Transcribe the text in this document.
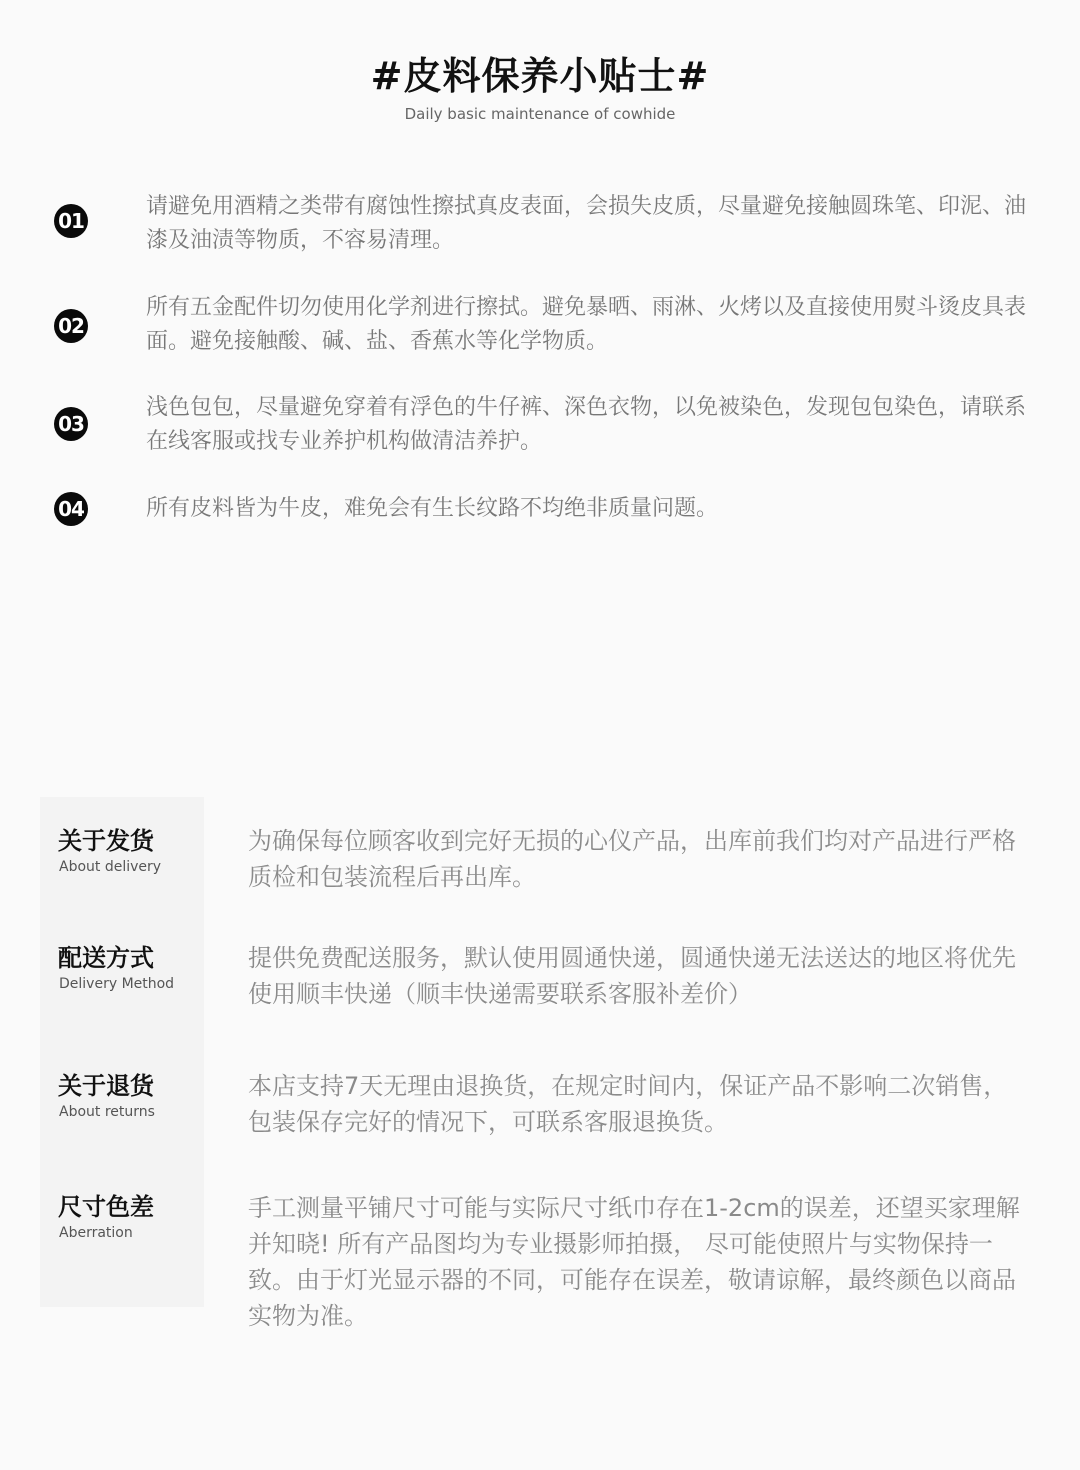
#皮料保养小贴士#
Daily basic maintenance of cowhide
01
请避免用酒精之类带有腐蚀性擦拭真皮表面，会损失皮质，尽量避免接触圆珠笔、印泥、油漆及油渍等物质，不容易清理。
02
所有五金配件切勿使用化学剂进行擦拭。避免暴晒、雨淋、火烤以及直接使用熨斗烫皮具表面。避免接触酸、碱、盐、香蕉水等化学物质。
03
浅色包包，尽量避免穿着有浮色的牛仔裤、深色衣物，以免被染色，发现包包染色，请联系在线客服或找专业养护机构做清洁养护。
04	所有皮料皆为牛皮，难免会有生长纹路不均绝非质量问题。
关于发货
About delivery
为确保每位顾客收到完好无损的心仪产品，出库前我们均对产品进行严格质检和包装流程后再出库。
配送方式
Delivery Method
提供免费配送服务，默认使用圆通快递，圆通快递无法送达的地区将优先使用顺丰快递（顺丰快递需要联系客服补差价）
关于退货
About returns
本店支持7天无理由退换货，在规定时间内，保证产品不影响二次销售，包装保存完好的情况下，可联系客服退换货。
尺寸色差
Aberration
手工测量平铺尺寸可能与实际尺寸纸巾存在1-2cm的误差，还望买家理解并知晓! 所有产品图均为专业摄影师拍摄， 尽可能使照片与实物保持一致。由于灯光显示器的不同，可能存在误差，敬请谅解，最终颜色以商品实物为准。
